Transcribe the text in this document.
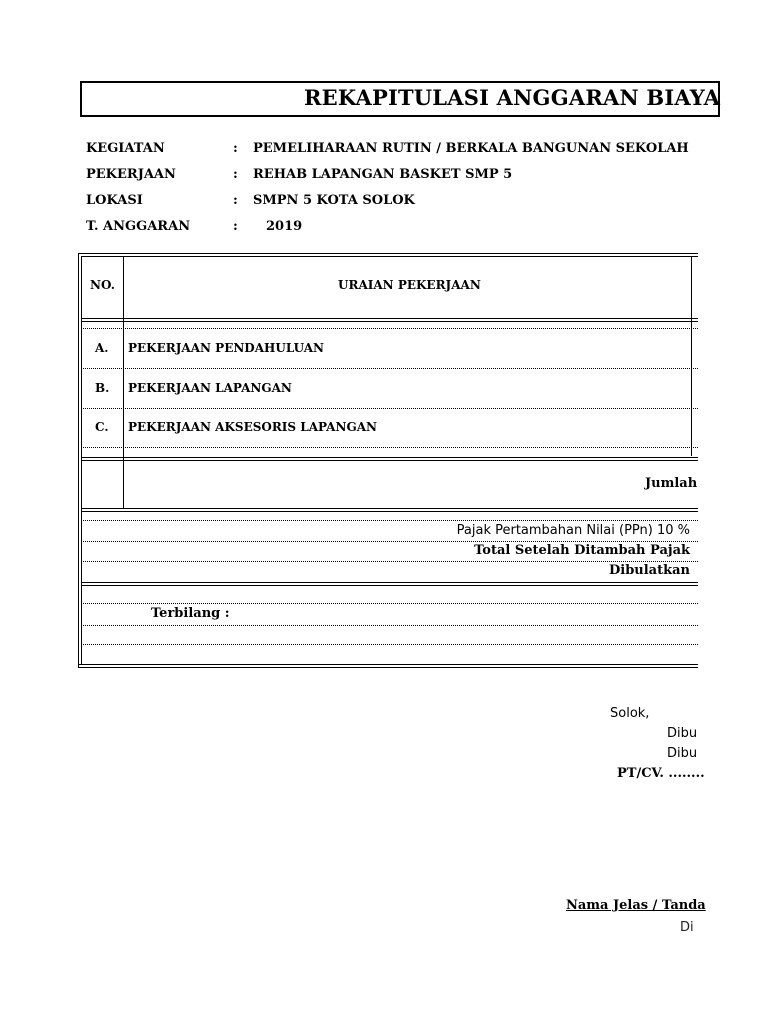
REKAPITULASI ANGGARAN BIAYA
KEGIATAN	: PEMELIHARAAN RUTIN / BERKALA BANGUNAN SEKOLAH
PEKERJAAN	: REHAB LAPANGAN BASKET SMP 5
LOKASI	: SMPN 5 KOTA SOLOK
T. ANGGARAN	: 2019
NO.	URAIAN PEKERJAAN
A. PEKERJAAN PENDAHULUAN
B. PEKERJAAN LAPANGAN
C. PEKERJAAN AKSESORIS LAPANGAN
Jumlah
Pajak Pertambahan Nilai (PPn) 10 %
Total Setelah Ditambah Pajak
Dibulatkan
Terbilang :
Solok,
Dibu
Dibu
PT/CV. ........
Nama Jelas / Tanda
Di
